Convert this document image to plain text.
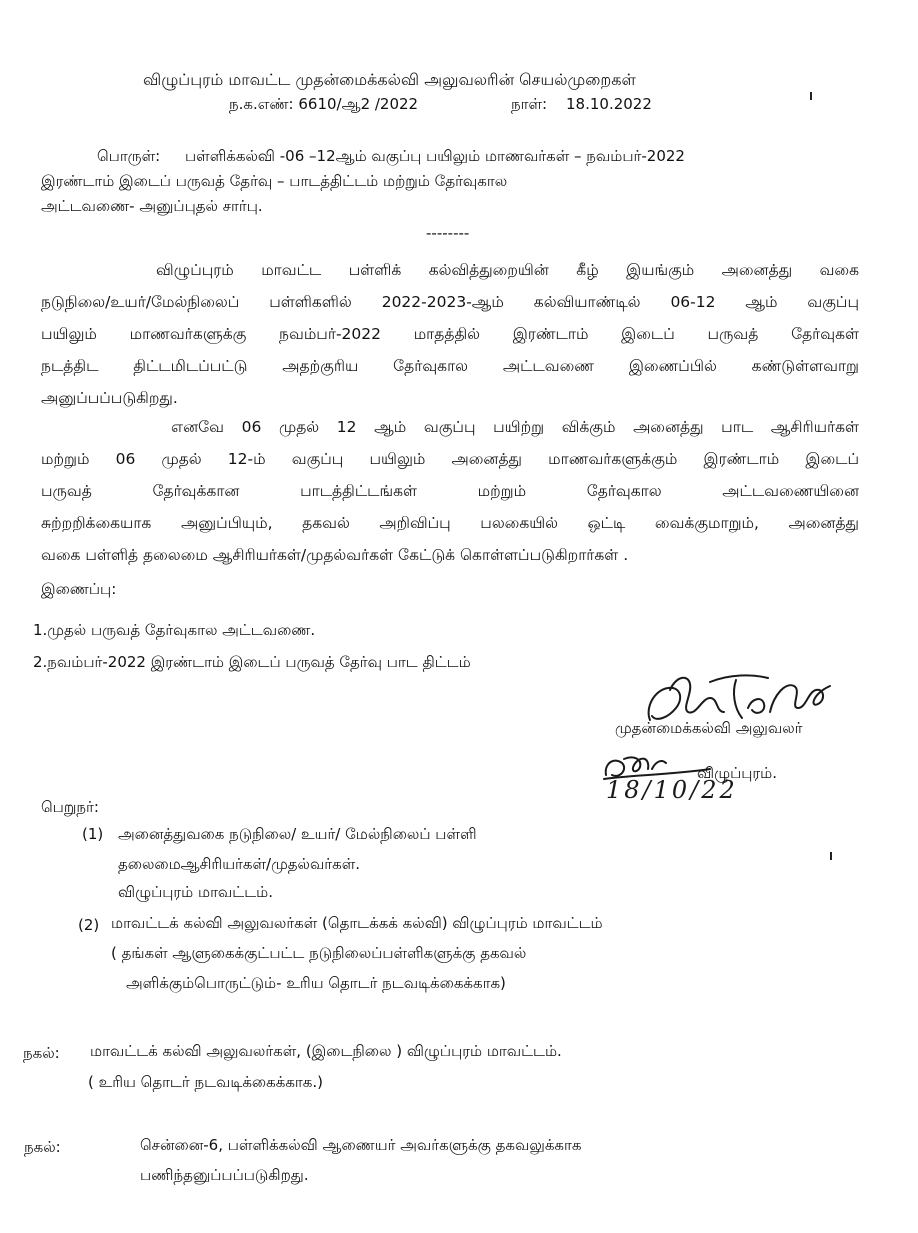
விழுப்புரம் மாவட்ட முதன்மைக்கல்வி அலுவலரின் செயல்முறைகள்
ந.க.எண்: 6610/ஆ2 /2022	நாள்: 18.10.2022
பொருள்: பள்ளிக்கல்வி -06 –12ஆம் வகுப்பு பயிலும் மாணவர்கள் – நவம்பர்-2022
இரண்டாம் இடைப் பருவத் தேர்வு – பாடத்திட்டம் மற்றும் தேர்வுகால
அட்டவணை- அனுப்புதல் சார்பு.
--------
விழுப்புரம் மாவட்ட பள்ளிக் கல்வித்துறையின் கீழ் இயங்கும் அனைத்து வகை
நடுநிலை/உயர்/மேல்நிலைப் பள்ளிகளில் 2022-2023-ஆம் கல்வியாண்டில் 06-12 ஆம் வகுப்பு
பயிலும் மாணவர்களுக்கு நவம்பர்-2022 மாதத்தில் இரண்டாம் இடைப் பருவத் தேர்வுகள்
நடத்திட திட்டமிடப்பட்டு அதற்குரிய தேர்வுகால அட்டவணை இணைப்பில் கண்டுள்ளவாறு
அனுப்பப்படுகிறது.
எனவே 06 முதல் 12 ஆம் வகுப்பு பயிற்று விக்கும் அனைத்து பாட ஆசிரியர்கள்
மற்றும் 06 முதல் 12-ம் வகுப்பு பயிலும் அனைத்து மாணவர்களுக்கும் இரண்டாம் இடைப்
பருவத் தேர்வுக்கான பாடத்திட்டங்கள் மற்றும் தேர்வுகால அட்டவணையினை
சுற்றறிக்கையாக அனுப்பியும், தகவல் அறிவிப்பு பலகையில் ஒட்டி வைக்குமாறும், அனைத்து
வகை பள்ளித் தலைமை ஆசிரியர்கள்/முதல்வர்கள் கேட்டுக் கொள்ளப்படுகிறார்கள் .
இணைப்பு:
1.முதல் பருவத் தேர்வுகால அட்டவணை.
2.நவம்பர்-2022 இரண்டாம் இடைப் பருவத் தேர்வு பாட திட்டம்
முதன்மைக்கல்வி அலுவலர்
18/10/22
விழுப்புரம்.
பெறுநர்:
(1) அனைத்துவகை நடுநிலை/ உயர்/ மேல்நிலைப் பள்ளி
தலைமைஆசிரியர்கள்/முதல்வர்கள்.
விழுப்புரம் மாவட்டம்.
(2) மாவட்டக் கல்வி அலுவலர்கள் (தொடக்கக் கல்வி) விழுப்புரம் மாவட்டம்
( தங்கள் ஆளுகைக்குட்பட்ட நடுநிலைப்பள்ளிகளுக்கு தகவல்
அளிக்கும்பொருட்டும்- உரிய தொடர் நடவடிக்கைக்காக)
நகல்: மாவட்டக் கல்வி அலுவலர்கள், (இடைநிலை ) விழுப்புரம் மாவட்டம்.
( உரிய தொடர் நடவடிக்கைக்காக.)
நகல்:	சென்னை-6, பள்ளிக்கல்வி ஆணையர் அவர்களுக்கு தகவலுக்காக
பணிந்தனுப்பப்படுகிறது.
